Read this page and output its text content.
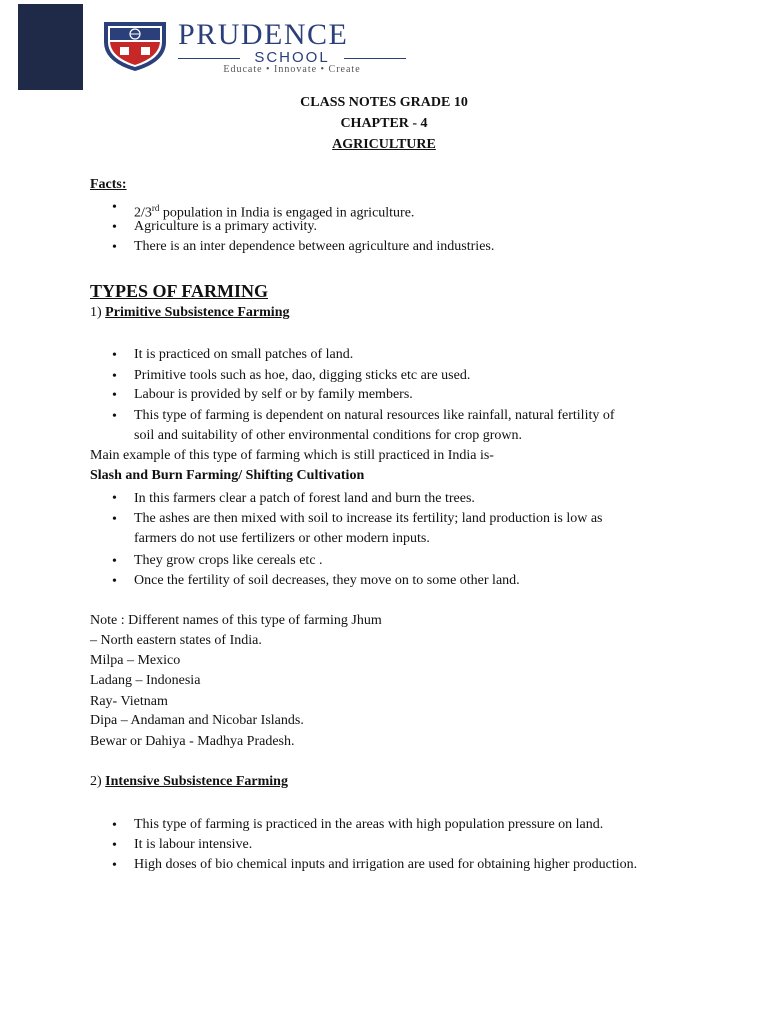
PRUDENCE
SCHOOL
Educate • Innovate • Create
CLASS NOTES GRADE 10
CHAPTER - 4
AGRICULTURE
Facts:
• 2/3rd population in India is engaged in agriculture.
• Agriculture is a primary activity.
• There is an inter dependence between agriculture and industries.
TYPES OF FARMING
1) Primitive Subsistence Farming
• It is practiced on small patches of land.
• Primitive tools such as hoe, dao, digging sticks etc are used.
• Labour is provided by self or by family members.
• This type of farming is dependent on natural resources like rainfall, natural fertility of
soil and suitability of other environmental conditions for crop grown.
Main example of this type of farming which is still practiced in India is-
Slash and Burn Farming/ Shifting Cultivation
• In this farmers clear a patch of forest land and burn the trees.
• The ashes are then mixed with soil to increase its fertility; land production is low as
farmers do not use fertilizers or other modern inputs.
• They grow crops like cereals etc .
• Once the fertility of soil decreases, they move on to some other land.
Note : Different names of this type of farming Jhum
– North eastern states of India.
Milpa – Mexico
Ladang – Indonesia
Ray- Vietnam
Dipa – Andaman and Nicobar Islands.
Bewar or Dahiya - Madhya Pradesh.
2) Intensive Subsistence Farming
• This type of farming is practiced in the areas with high population pressure on land.
• It is labour intensive.
• High doses of bio chemical inputs and irrigation are used for obtaining higher production.
